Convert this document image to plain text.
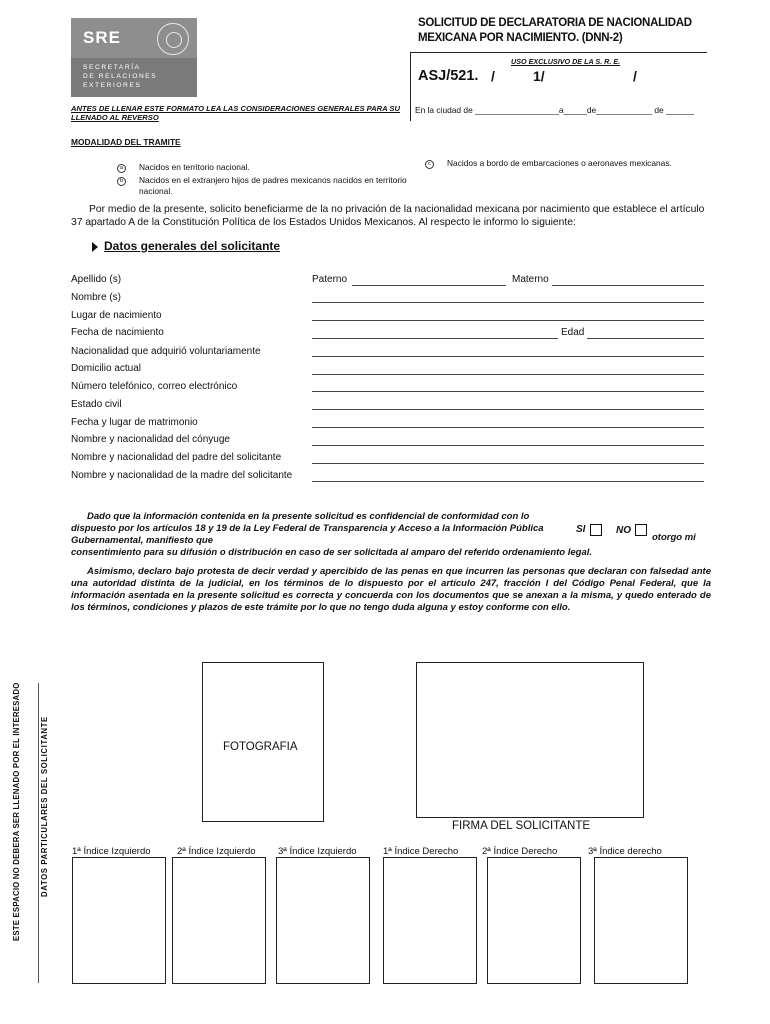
SRE
SECRETARÍA
DE RELACIONES
EXTERIORES
SOLICITUD DE DECLARATORIA DE NACIONALIDAD
MEXICANA POR NACIMIENTO. (DNN-2)
USO EXCLUSIVO DE LA S. R. E.
ASJ/521. /	1/	/
En la ciudad de __________________a_____de____________ de ______
ANTES DE LLENAR ESTE FORMATO LEA LAS CONSIDERACIONES GENERALES PARA SU LLENADO AL REVERSO
MODALIDAD DEL TRAMITE
a	Nacidos en territorio nacional.
b	Nacidos en el extranjero hijos de padres mexicanos nacidos en territorio nacional.
c	Nacidos a bordo de embarcaciones o aeronaves mexicanas.
Por medio de la presente, solicito beneficiarme de la no privación de la nacionalidad mexicana por nacimiento que establece el artículo 37 apartado A de la Constitución Política de los Estados Unidos Mexicanos. Al respecto le informo lo siguiente:
Datos generales del solicitante
Apellido (s)	Paterno	Materno
Nombre (s)
Lugar de nacimiento
Fecha de nacimiento	Edad
Nacionalidad que adquirió voluntariamente
Domicilio actual
Número telefónico, correo electrónico
Estado civil
Fecha y lugar de matrimonio
Nombre y nacionalidad del cónyuge
Nombre y nacionalidad del padre del solicitante
Nombre y nacionalidad de la madre del solicitante
Dado que la información contenida en la presente solicitud es confidencial de conformidad con lo dispuesto por los artículos 18 y 19 de la Ley Federal de Transparencia y Acceso a la Información Pública Gubernamental, manifiesto que
consentimiento para su difusión o distribución en caso de ser solicitada al amparo del referido ordenamiento legal.
SI	NO
otorgo mi
Asimismo, declaro bajo protesta de decir verdad y apercibido de las penas en que incurren las personas que declaran con falsedad ante una autoridad distinta de la judicial, en los términos de lo dispuesto por el artículo 247, fracción I del Código Penal Federal, que la información asentada en la presente solicitud es correcta y concuerda con los documentos que se anexan a la misma, y quedo enterado de los términos, condiciones y plazos de este trámite por lo que no tengo duda alguna y estoy conforme con ello.
ESTE ESPACIO NO DEBERA SER LLENADO POR EL INTERESADO DATOS PARTICULARES DEL SOLICITANTE	FOTOGRAFIA
FIRMA DEL SOLICITANTE
1ª Índice Izquierdo	2ª Índice Izquierdo 3ª Índice Izquierdo	1ª Índice Derecho 2ª Índice Derecho	3ª Índice derecho
